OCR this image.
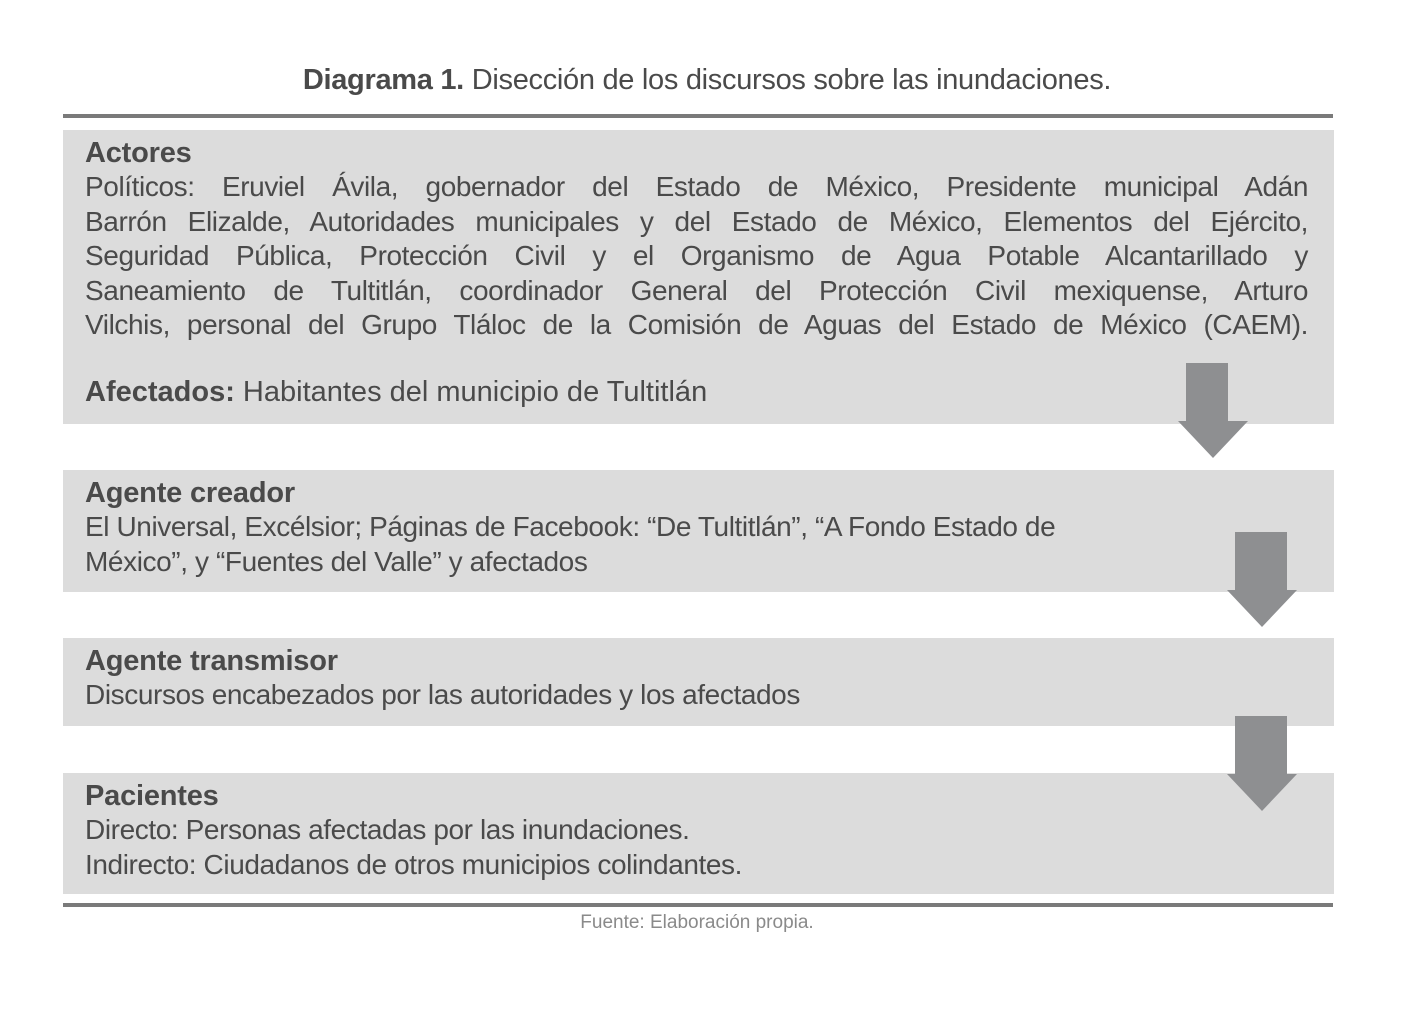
Diagrama 1. Disección de los discursos sobre las inundaciones.
Actores
Políticos: Eruviel Ávila, gobernador del Estado de México, Presidente municipal Adán
Barrón Elizalde, Autoridades municipales y del Estado de México, Elementos del Ejército,
Seguridad Pública, Protección Civil y el Organismo de Agua Potable Alcantarillado y
Saneamiento de Tultitlán, coordinador General del Protección Civil mexiquense, Arturo
Vilchis, personal del Grupo Tláloc de la Comisión de Aguas del Estado de México (CAEM).
Afectados: Habitantes del municipio de Tultitlán
Agente creador
El Universal, Excélsior; Páginas de Facebook: “De Tultitlán”, “A Fondo Estado de
México”, y “Fuentes del Valle” y afectados
Agente transmisor
Discursos encabezados por las autoridades y los afectados
Pacientes
Directo: Personas afectadas por las inundaciones.
Indirecto: Ciudadanos de otros municipios colindantes.
Fuente: Elaboración propia.
